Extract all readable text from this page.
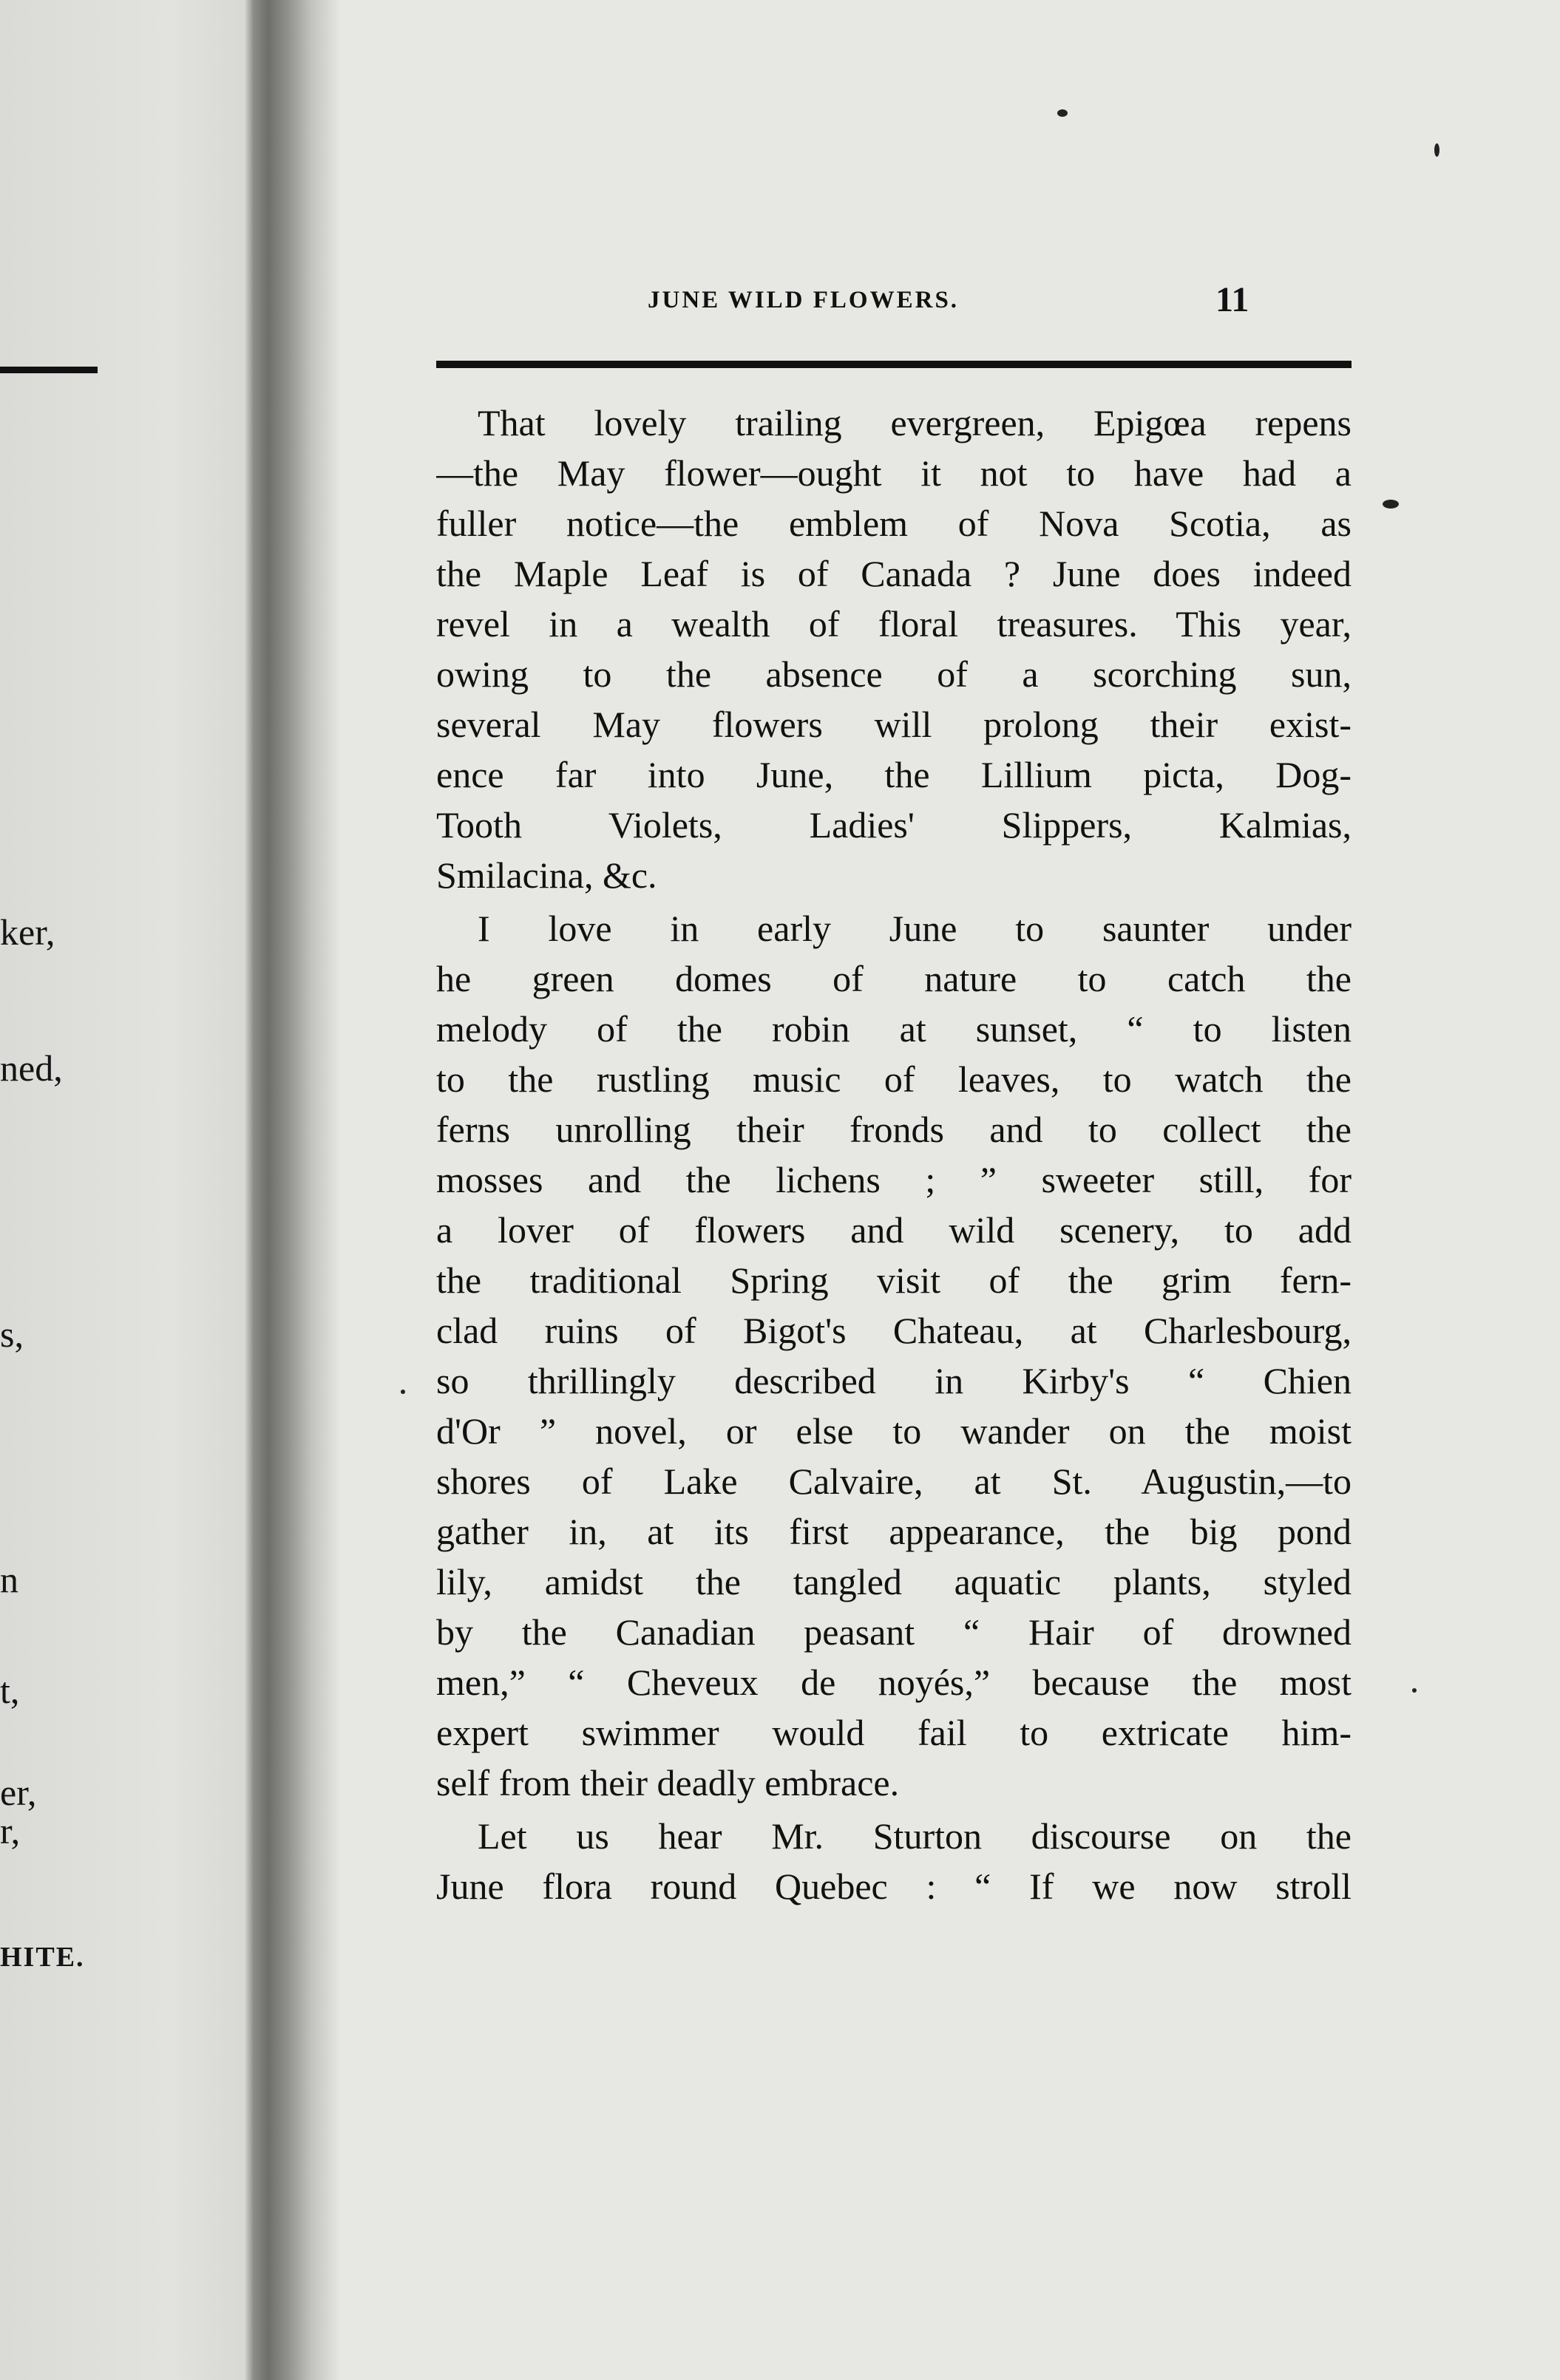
ker,
ned,
s,
n
t,
er,
r,
HITE.
JUNE WILD FLOWERS.	11
That lovely trailing evergreen, Epigœa repens
—the May flower—ought it not to have had a
fuller notice—the emblem of Nova Scotia, as
the Maple Leaf is of Canada ? June does indeed
revel in a wealth of floral treasures. This year,
owing to the absence of a scorching sun,
several May flowers will prolong their exist-
ence far into June, the Lillium picta, Dog-
Tooth Violets, Ladies' Slippers, Kalmias,
Smilacina, &c.
I love in early June to saunter under
he green domes of nature to catch the
melody of the robin at sunset, “ to listen
to the rustling music of leaves, to watch the
ferns unrolling their fronds and to collect the
mosses and the lichens ; ” sweeter still, for
a lover of flowers and wild scenery, to add
the traditional Spring visit of the grim fern-
clad ruins of Bigot's Chateau, at Charlesbourg,
so thrillingly described in Kirby's “ Chien
d'Or ” novel, or else to wander on the moist
shores of Lake Calvaire, at St. Augustin,—to
gather in, at its first appearance, the big pond
lily, amidst the tangled aquatic plants, styled
by the Canadian peasant “ Hair of drowned
men,” “ Cheveux de noyés,” because the most
expert swimmer would fail to extricate him-
self from their deadly embrace.
Let us hear Mr. Sturton discourse on the
June flora round Quebec : “ If we now stroll
